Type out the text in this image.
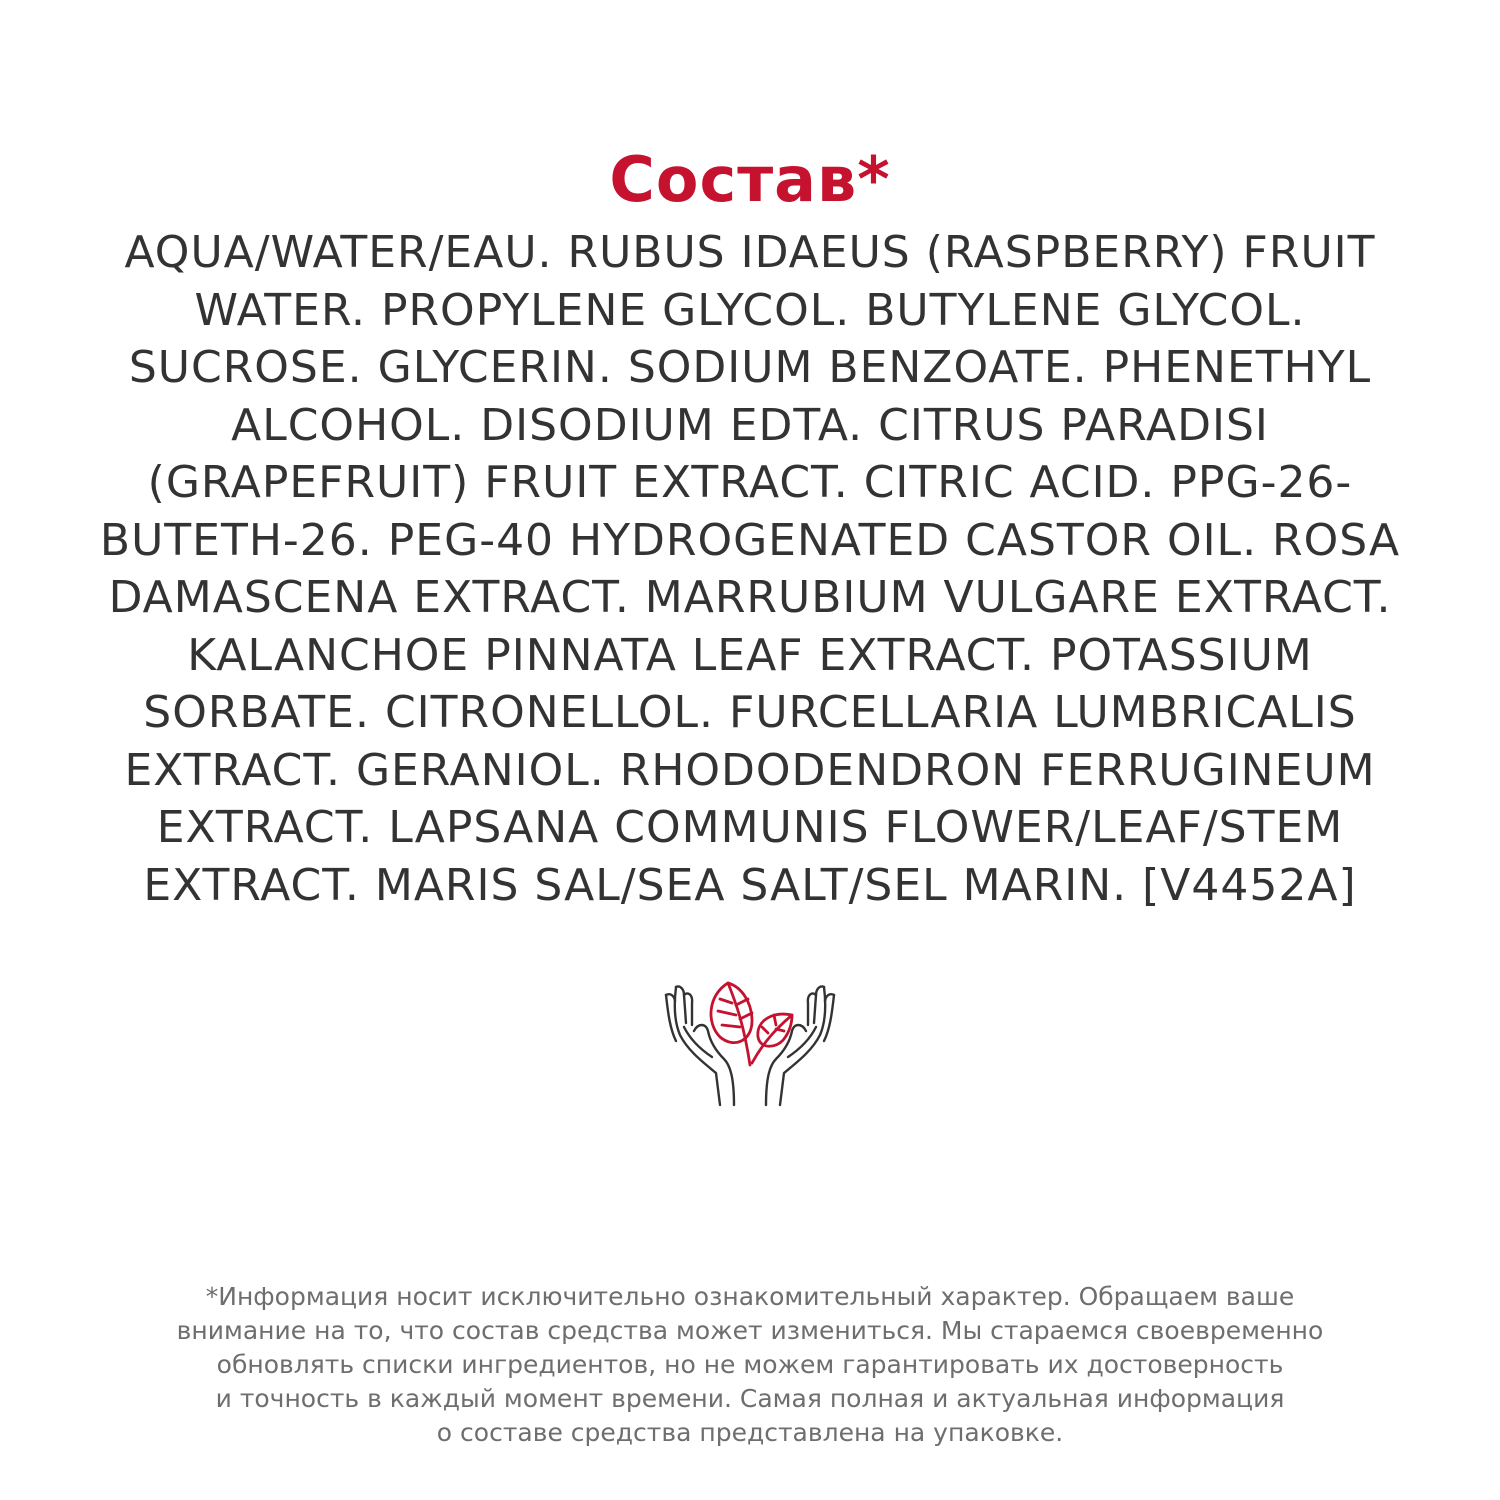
Состав*
AQUA/WATER/EAU. RUBUS IDAEUS (RASPBERRY) FRUIT
WATER. PROPYLENE GLYCOL. BUTYLENE GLYCOL.
SUCROSE. GLYCERIN. SODIUM BENZOATE. PHENETHYL
ALCOHOL. DISODIUM EDTA. CITRUS PARADISI
(GRAPEFRUIT) FRUIT EXTRACT. CITRIC ACID. PPG-26-
BUTETH-26. PEG-40 HYDROGENATED CASTOR OIL. ROSA
DAMASCENA EXTRACT. MARRUBIUM VULGARE EXTRACT.
KALANCHOE PINNATA LEAF EXTRACT. POTASSIUM
SORBATE. CITRONELLOL. FURCELLARIA LUMBRICALIS
EXTRACT. GERANIOL. RHODODENDRON FERRUGINEUM
EXTRACT. LAPSANA COMMUNIS FLOWER/LEAF/STEM
EXTRACT. MARIS SAL/SEA SALT/SEL MARIN. [V4452A]
*Информация носит исключительно ознакомительный характер. Обращаем ваше
внимание на то, что состав средства может измениться. Мы стараемся своевременно
обновлять списки ингредиентов, но не можем гарантировать их достоверность
и точность в каждый момент времени. Самая полная и актуальная информация
о составе средства представлена на упаковке.
